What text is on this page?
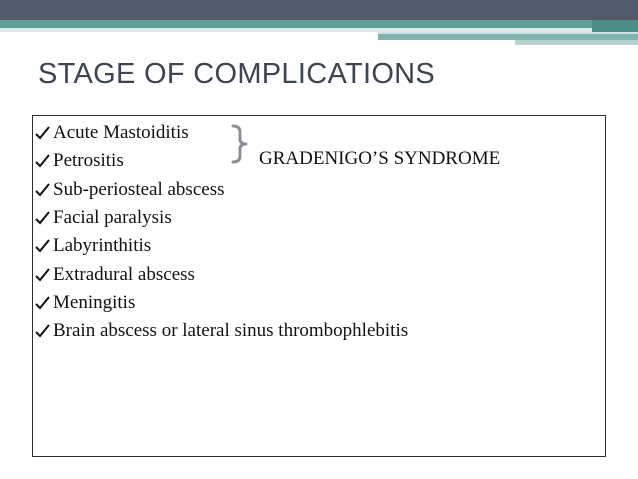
STAGE OF COMPLICATIONS
Acute Mastoiditis
Petrositis
Sub-periosteal abscess
Facial paralysis
Labyrinthitis
Extradural abscess
Meningitis
Brain abscess or lateral sinus thrombophlebitis
GRADENIGO’S SYNDROME
